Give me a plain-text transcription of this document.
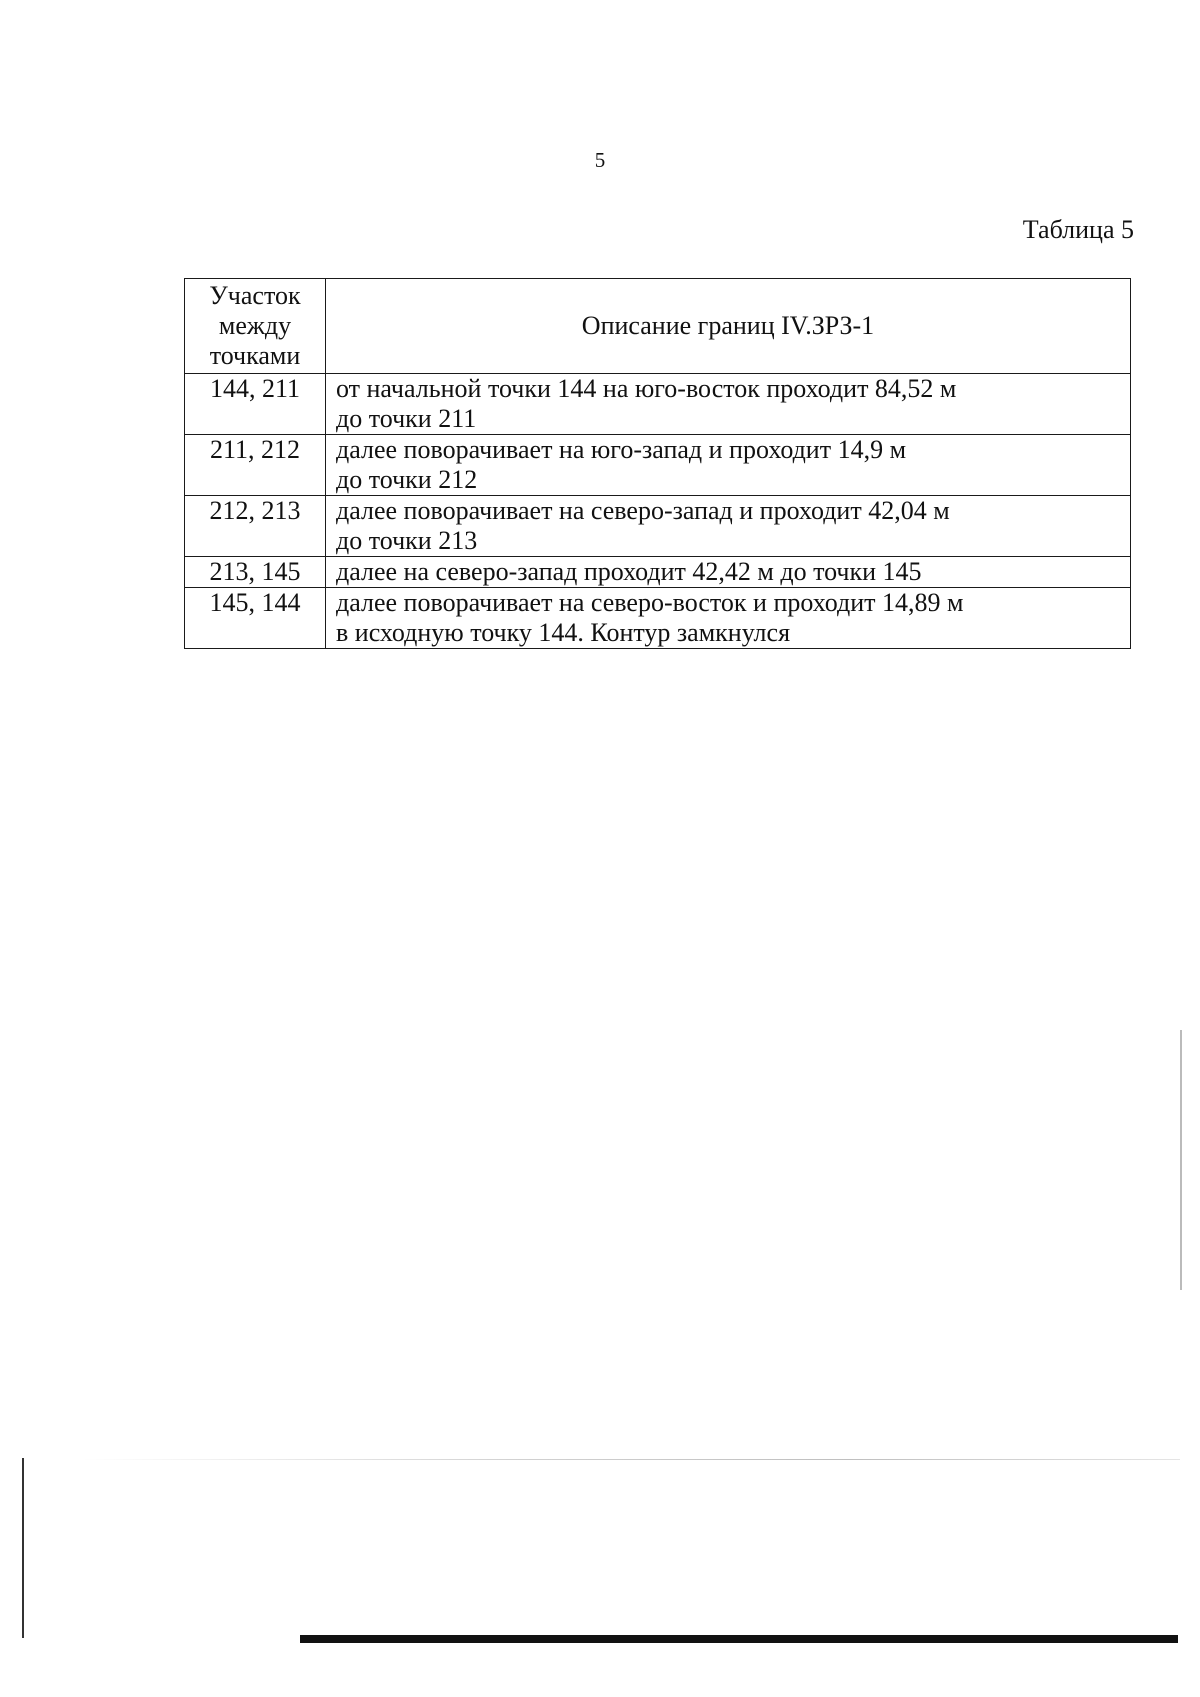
5
Таблица 5
Участок
между
точками	Описание границ IV.ЗРЗ-1
144, 211	от начальной точки 144 на юго-восток проходит 84,52 м
до точки 211

211, 212	далее поворачивает на юго-запад и проходит 14,9 м
до точки 212

212, 213	далее поворачивает на северо-запад и проходит 42,04 м
до точки 213

213, 145	далее на северо-запад проходит 42,42 м до точки 145

145, 144	далее поворачивает на северо-восток и проходит 14,89 м
в исходную точку 144. Контур замкнулся
